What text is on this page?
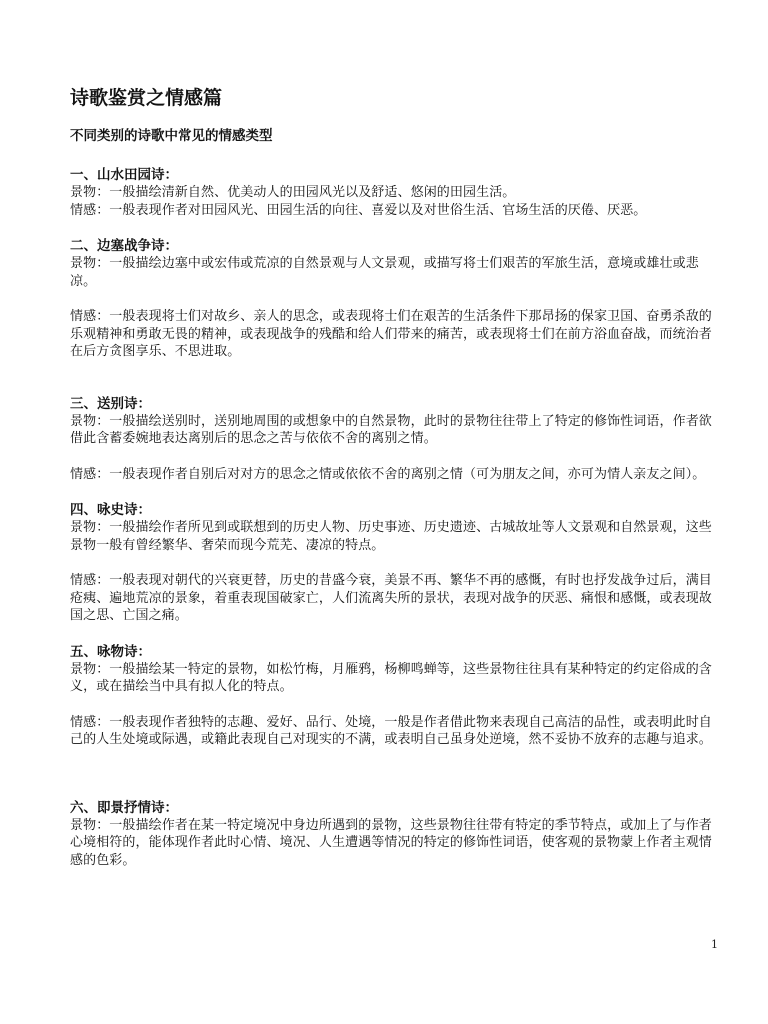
诗歌鉴赏之情感篇
不同类别的诗歌中常见的情感类型
一、山水田园诗：

景物：一般描绘清新自然、优美动人的田园风光以及舒适、悠闲的田园生活。

情感：一般表现作者对田园风光、田园生活的向往、喜爱以及对世俗生活、官场生活的厌倦、厌恶。

二、边塞战争诗：

景物：一般描绘边塞中或宏伟或荒凉的自然景观与人文景观，或描写将士们艰苦的军旅生活，意境或雄壮或悲凉。

情感：一般表现将士们对故乡、亲人的思念，或表现将士们在艰苦的生活条件下那昂扬的保家卫国、奋勇杀敌的乐观精神和勇敢无畏的精神，或表现战争的残酷和给人们带来的痛苦，或表现将士们在前方浴血奋战，而统治者在后方贪图享乐、不思进取。

三、送别诗：

景物：一般描绘送别时，送别地周围的或想象中的自然景物，此时的景物往往带上了特定的修饰性词语，作者欲借此含蓄委婉地表达离别后的思念之苦与依依不舍的离别之情。

情感：一般表现作者自别后对对方的思念之情或依依不舍的离别之情（可为朋友之间，亦可为情人亲友之间）。

四、咏史诗：

景物：一般描绘作者所见到或联想到的历史人物、历史事迹、历史遗迹、古城故址等人文景观和自然景观，这些景物一般有曾经繁华、奢荣而现今荒芜、凄凉的特点。

情感：一般表现对朝代的兴衰更替，历史的昔盛今衰，美景不再、繁华不再的感慨，有时也抒发战争过后，满目疮痍、遍地荒凉的景象，着重表现国破家亡，人们流离失所的景状，表现对战争的厌恶、痛恨和感慨，或表现故国之思、亡国之痛。

五、咏物诗：

景物：一般描绘某一特定的景物，如松竹梅，月雁鸦，杨柳鸣蝉等，这些景物往往具有某种特定的约定俗成的含义，或在描绘当中具有拟人化的特点。

情感：一般表现作者独特的志趣、爱好、品行、处境，一般是作者借此物来表现自己高洁的品性，或表明此时自己的人生处境或际遇，或籍此表现自己对现实的不满，或表明自己虽身处逆境，然不妥协不放弃的志趣与追求。

六、即景抒情诗：

景物：一般描绘作者在某一特定境况中身边所遇到的景物，这些景物往往带有特定的季节特点，或加上了与作者心境相符的，能体现作者此时心情、境况、人生遭遇等情况的特定的修饰性词语，使客观的景物蒙上作者主观情感的色彩。

1
